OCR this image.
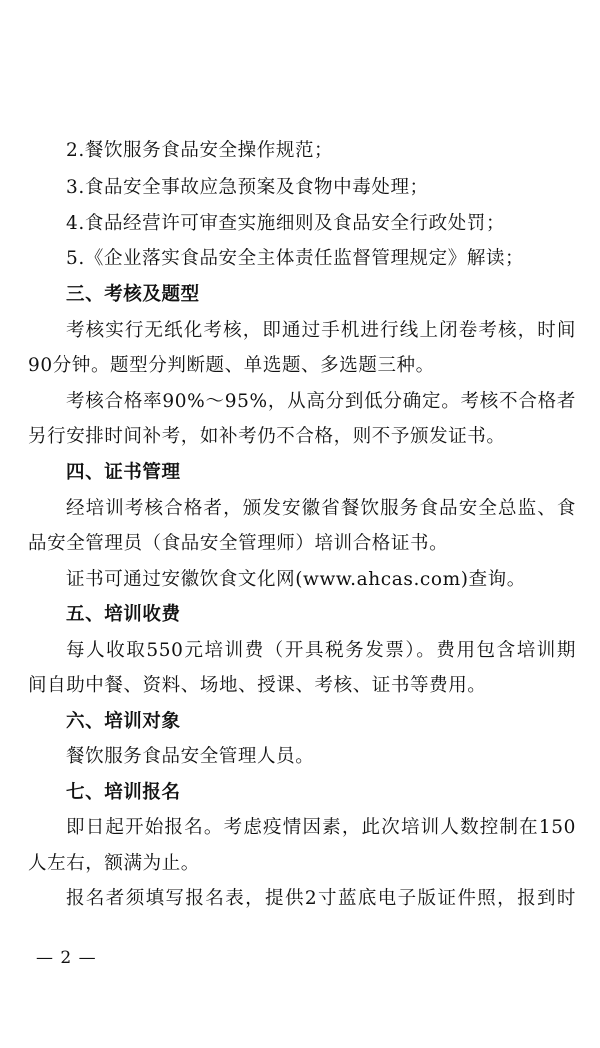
2.餐饮服务食品安全操作规范；
3.食品安全事故应急预案及食物中毒处理；
4.食品经营许可审查实施细则及食品安全行政处罚；
5.《企业落实食品安全主体责任监督管理规定》解读；
三、考核及题型
考核实行无纸化考核，即通过手机进行线上闭卷考核，时间
90分钟。题型分判断题、单选题、多选题三种。
考核合格率90%～95%，从高分到低分确定。考核不合格者
另行安排时间补考，如补考仍不合格，则不予颁发证书。
四、证书管理
经培训考核合格者，颁发安徽省餐饮服务食品安全总监、食
品安全管理员（食品安全管理师）培训合格证书。
证书可通过安徽饮食文化网(www.ahcas.com)查询。
五、培训收费
每人收取550元培训费（开具税务发票）。费用包含培训期
间自助中餐、资料、场地、授课、考核、证书等费用。
六、培训对象
餐饮服务食品安全管理人员。
七、培训报名
即日起开始报名。考虑疫情因素，此次培训人数控制在150
人左右，额满为止。
报名者须填写报名表，提供2寸蓝底电子版证件照，报到时
— 2 —
